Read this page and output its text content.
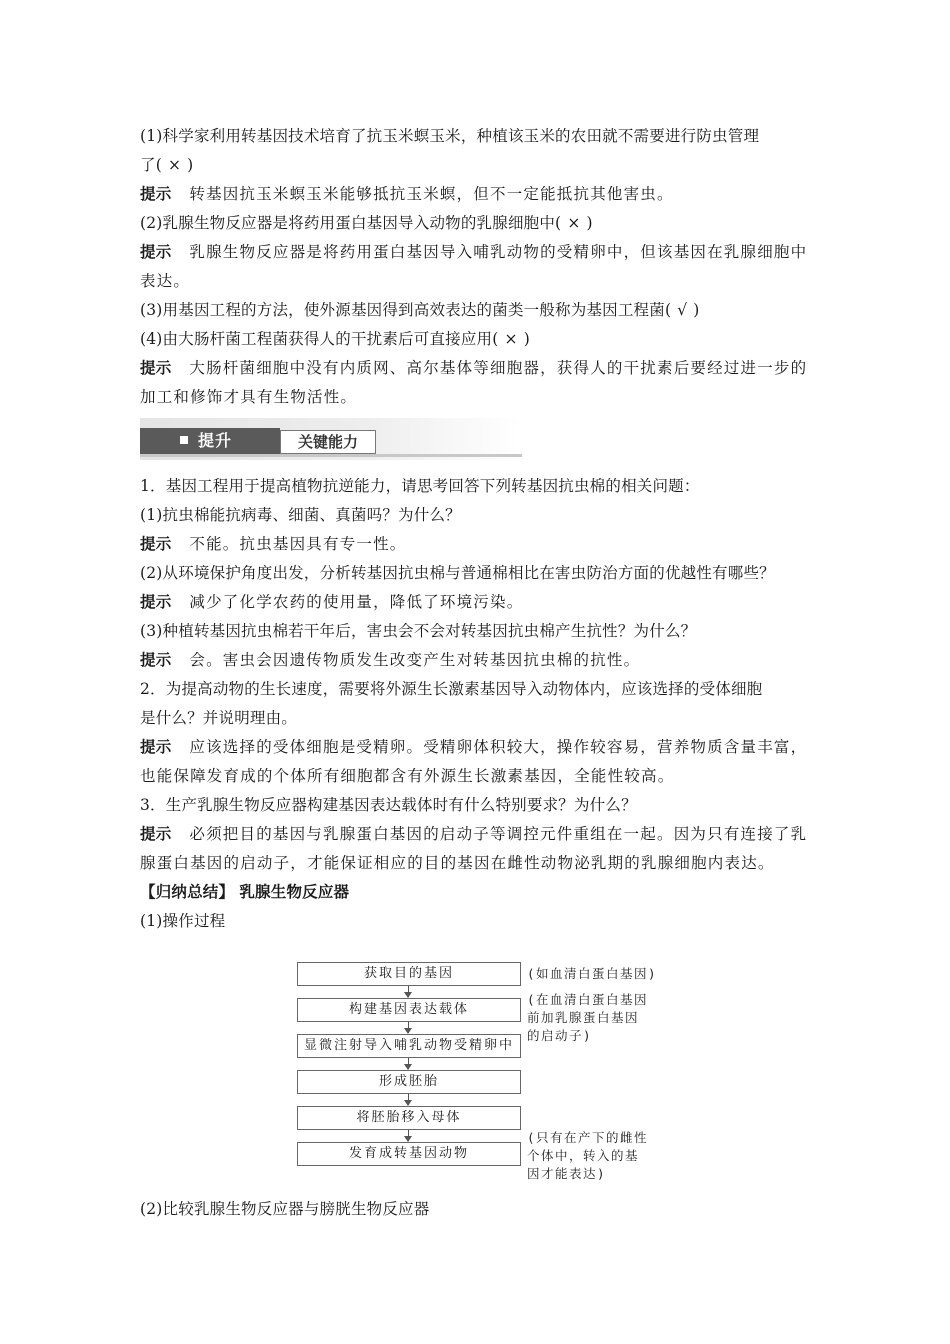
(1)科学家利用转基因技术培育了抗玉米螟玉米，种植该玉米的农田就不需要进行防虫管理

了( × )

提示 转基因抗玉米螟玉米能够抵抗玉米螟，但不一定能抵抗其他害虫。

(2)乳腺生物反应器是将药用蛋白基因导入动物的乳腺细胞中( × )

提示 乳腺生物反应器是将药用蛋白基因导入哺乳动物的受精卵中，但该基因在乳腺细胞中

表达。

(3)用基因工程的方法，使外源基因得到高效表达的菌类一般称为基因工程菌( √ )

(4)由大肠杆菌工程菌获得人的干扰素后可直接应用( × )

提示 大肠杆菌细胞中没有内质网、高尔基体等细胞器，获得人的干扰素后要经过进一步的

加工和修饰才具有生物活性。

提升	关键能力

1．基因工程用于提高植物抗逆能力，请思考回答下列转基因抗虫棉的相关问题：

(1)抗虫棉能抗病毒、细菌、真菌吗？为什么？

提示 不能。抗虫基因具有专一性。

(2)从环境保护角度出发，分析转基因抗虫棉与普通棉相比在害虫防治方面的优越性有哪些？

提示 减少了化学农药的使用量，降低了环境污染。

(3)种植转基因抗虫棉若干年后，害虫会不会对转基因抗虫棉产生抗性？为什么？

提示 会。害虫会因遗传物质发生改变产生对转基因抗虫棉的抗性。

2．为提高动物的生长速度，需要将外源生长激素基因导入动物体内，应该选择的受体细胞

是什么？并说明理由。

提示 应该选择的受体细胞是受精卵。受精卵体积较大，操作较容易，营养物质含量丰富，

也能保障发育成的个体所有细胞都含有外源生长激素基因，全能性较高。

3．生产乳腺生物反应器构建基因表达载体时有什么特别要求？为什么？

提示 必须把目的基因与乳腺蛋白基因的启动子等调控元件重组在一起。因为只有连接了乳

腺蛋白基因的启动子，才能保证相应的目的基因在雌性动物泌乳期的乳腺细胞内表达。

【归纳总结】 乳腺生物反应器

(1)操作过程

获取目的基因
构建基因表达载体
显微注射导入哺乳动物受精卵中
形成胚胎
将胚胎移入母体
发育成转基因动物
(如血清白蛋白基因)
(在血清白蛋白基因
前加乳腺蛋白基因
的启动子)
(只有在产下的雌性
个体中，转入的基
因才能表达)

(2)比较乳腺生物反应器与膀胱生物反应器
